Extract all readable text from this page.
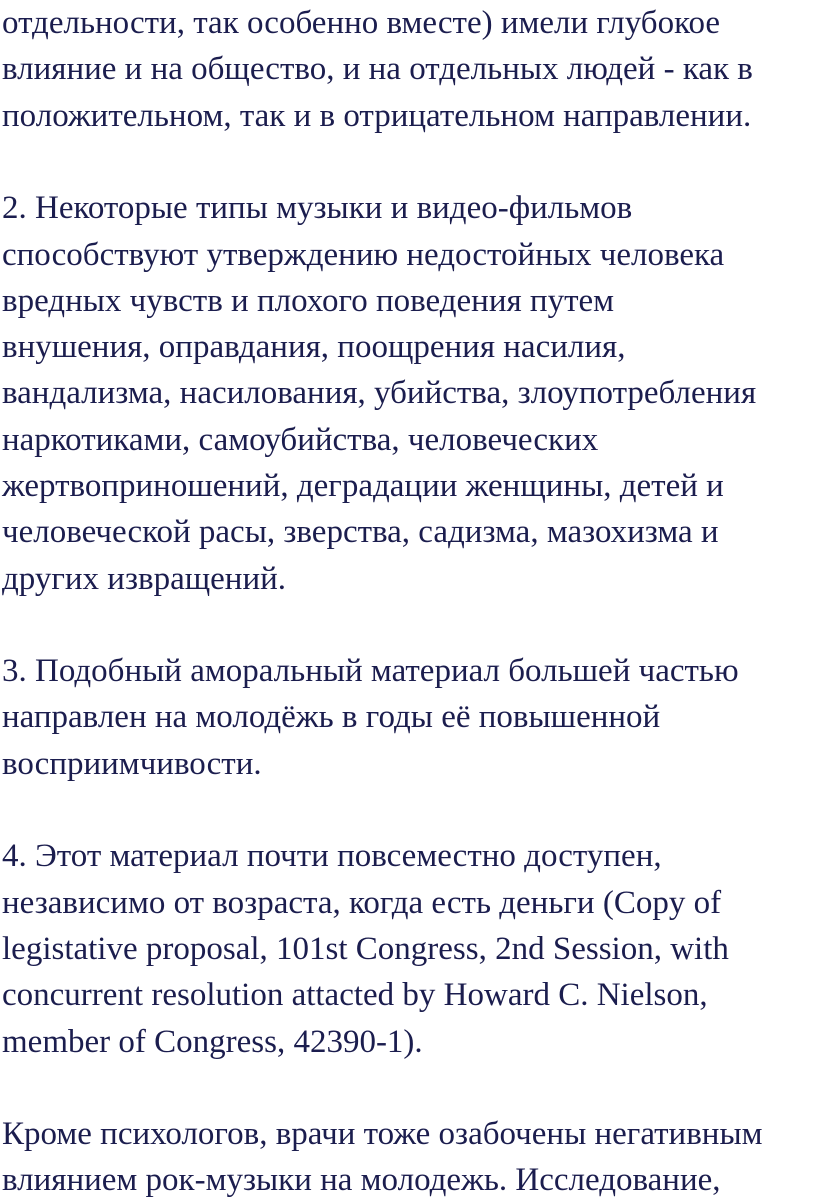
отдельности, так особенно вместе) имели глубокое
влияние и на общество, и на отдельных людей - как в
положительном, так и в отрицательном направлении.
2. Некоторые типы музыки и видео-фильмов
способствуют утверждению недостойных человека
вредных чувств и плохого поведения путем
внушения, оправдания, поощрения насилия,
вандализма, насилования, убийства, злоупотребления
наркотиками, самоубийства, человеческих
жертвоприношений, деградации женщины, детей и
человеческой расы, зверства, садизма, мазохизма и
других извращений.
3. Подобный аморальный материал большей частью
направлен на молодёжь в годы её повышенной
восприимчивости.
4. Этот материал почти повсеместно доступен,
независимо от возраста, когда есть деньги (Copy of
legistative proposal, 101st Congress, 2nd Session, with
concurrent resolution attacted by Howard C. Nielson,
member of Congress, 42390-1).
Кроме психологов, врачи тоже озабочены негативным
влиянием рок-музыки на молодежь. Исследование,
